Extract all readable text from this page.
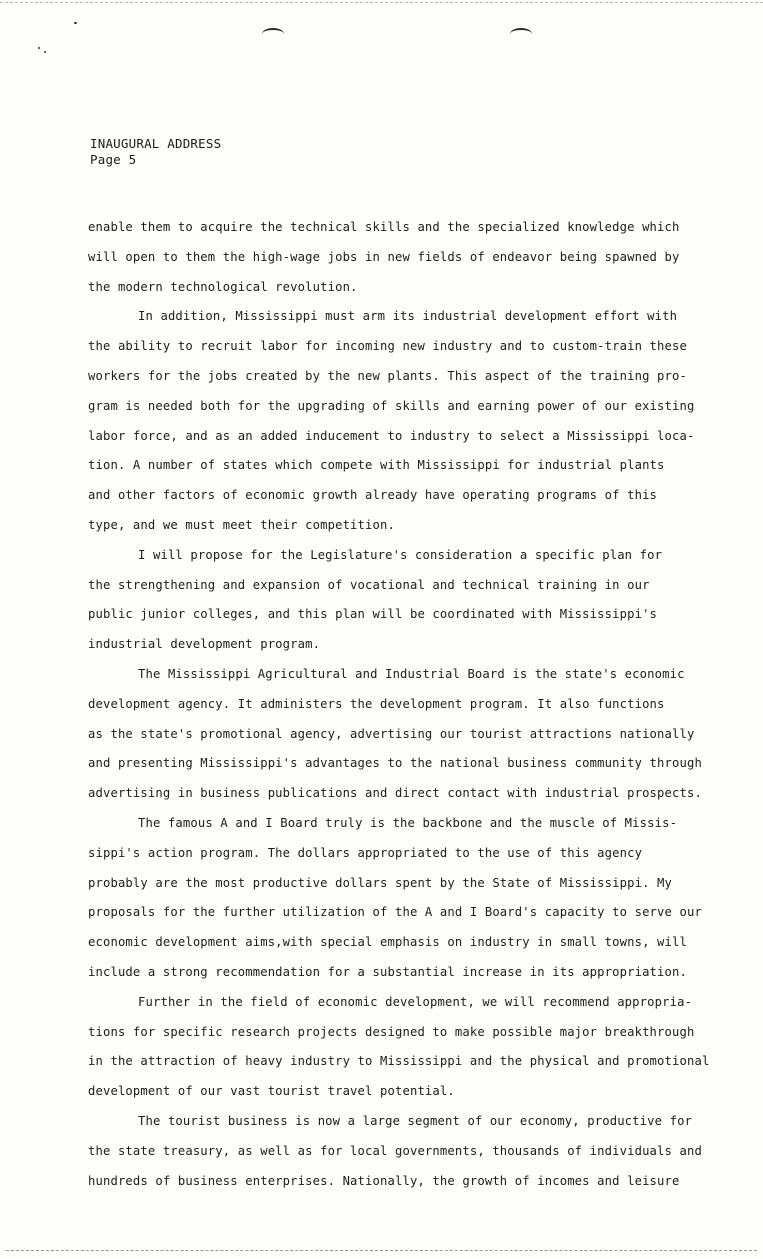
INAUGURAL ADDRESS
Page 5

enable them to acquire the technical skills and the specialized knowledge which
will open to them the high-wage jobs in new fields of endeavor being spawned by
the modern technological revolution.

In addition, Mississippi must arm its industrial development effort with
the ability to recruit labor for incoming new industry and to custom-train these
workers for the jobs created by the new plants. This aspect of the training pro-
gram is needed both for the upgrading of skills and earning power of our existing
labor force, and as an added inducement to industry to select a Mississippi loca-
tion. A number of states which compete with Mississippi for industrial plants
and other factors of economic growth already have operating programs of this
type, and we must meet their competition.

I will propose for the Legislature's consideration a specific plan for
the strengthening and expansion of vocational and technical training in our
public junior colleges, and this plan will be coordinated with Mississippi's
industrial development program.

The Mississippi Agricultural and Industrial Board is the state's economic
development agency. It administers the development program. It also functions
as the state's promotional agency, advertising our tourist attractions nationally
and presenting Mississippi's advantages to the national business community through
advertising in business publications and direct contact with industrial prospects.

The famous A and I Board truly is the backbone and the muscle of Missis-
sippi's action program. The dollars appropriated to the use of this agency
probably are the most productive dollars spent by the State of Mississippi. My
proposals for the further utilization of the A and I Board's capacity to serve our
economic development aims,with special emphasis on industry in small towns, will
include a strong recommendation for a substantial increase in its appropriation.

Further in the field of economic development, we will recommend appropria-
tions for specific research projects designed to make possible major breakthrough
in the attraction of heavy industry to Mississippi and the physical and promotional
development of our vast tourist travel potential.

The tourist business is now a large segment of our economy, productive for
the state treasury, as well as for local governments, thousands of individuals and
hundreds of business enterprises. Nationally, the growth of incomes and leisure
